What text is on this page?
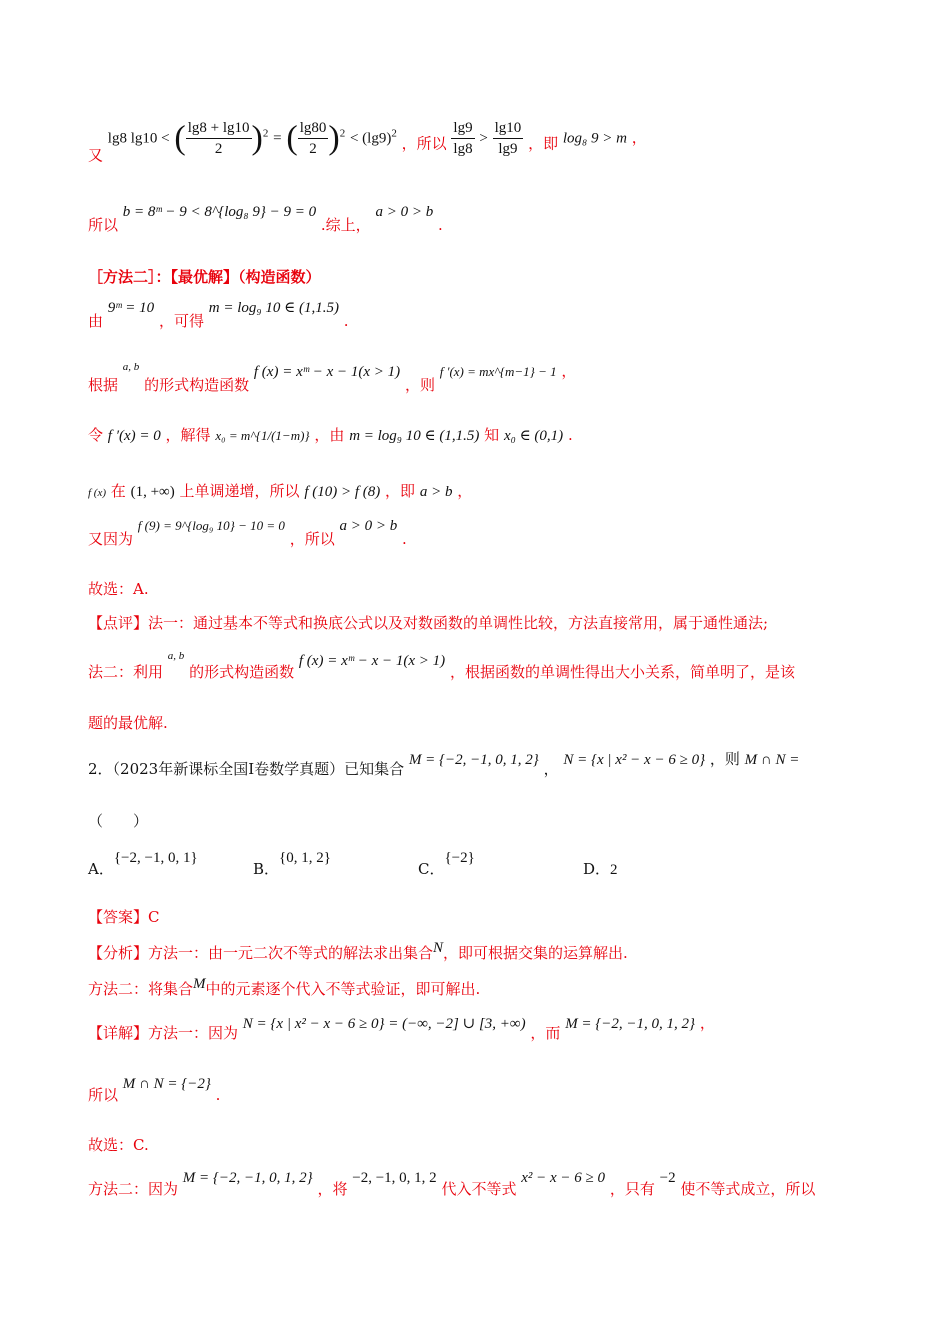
又 lg8 lg10 < ( $\frac{\lg 8 + \lg 10}{2} )^2$ = ( $\frac{\lg 80}{2} )^2 < (\lg 9)^2$ ，所以 $\frac{\lg 9}{\lg 8} > \frac{\lg 10}{\lg 9}$ ，即 log₈ 9 > m ，
所以 b = 8ᵐ − 9 < 8^{log₈ 9} − 9 = 0 .综上， a > 0 > b .
［方法二］：【最优解】（构造函数）
由 9ᵐ = 10 ，可得 m = log₉ 10 ∈ (1,1.5) .
根据 $^{a, b}$ 的形式构造函数 f (x) = xᵐ − x − 1(x > 1) ，则 f ′(x) = mx^{m−1} − 1 ，
令 f ′(x) = 0 ，解得 x₀ = m^{1/(1−m)} ，由 m = log₉ 10 ∈ (1,1.5) 知 x₀ ∈ (0,1) .
f (x) 在 (1, +∞) 上单调递增，所以 f (10) > f (8) ，即 a > b ，
又因为 f (9) = 9^{log₉ 10} − 10 = 0 ，所以 a > 0 > b .
故选：A.
【点评】法一：通过基本不等式和换底公式以及对数函数的单调性比较，方法直接常用，属于通性通法;
法二：利用 $^{a, b}$ 的形式构造函数 f (x) = xᵐ − x − 1(x > 1) ，根据函数的单调性得出大小关系，简单明了，是该
题的最优解.
2．（2023年新课标全国Ⅰ卷数学真题）已知集合 M = {−2, −1, 0, 1, 2} ， N = {x | x² − x − 6 ≥ 0} ，则 M ∩ N =
（　　）
A．{−2, −1, 0, 1}
B．{0, 1, 2}
C．{−2}
D．2
【答案】C
【分析】方法一：由一元二次不等式的解法求出集合N，即可根据交集的运算解出.
方法二：将集合M中的元素逐个代入不等式验证，即可解出.
【详解】方法一：因为 N = {x | x² − x − 6 ≥ 0} = (−∞, −2] ∪ [3, +∞) ，而 M = {−2, −1, 0, 1, 2} ，
所以 M ∩ N = {−2} .
故选：C.
方法二：因为 M = {−2, −1, 0, 1, 2} ，将 −2, −1, 0, 1, 2 代入不等式 x² − x − 6 ≥ 0 ，只有 −2 使不等式成立，所以
